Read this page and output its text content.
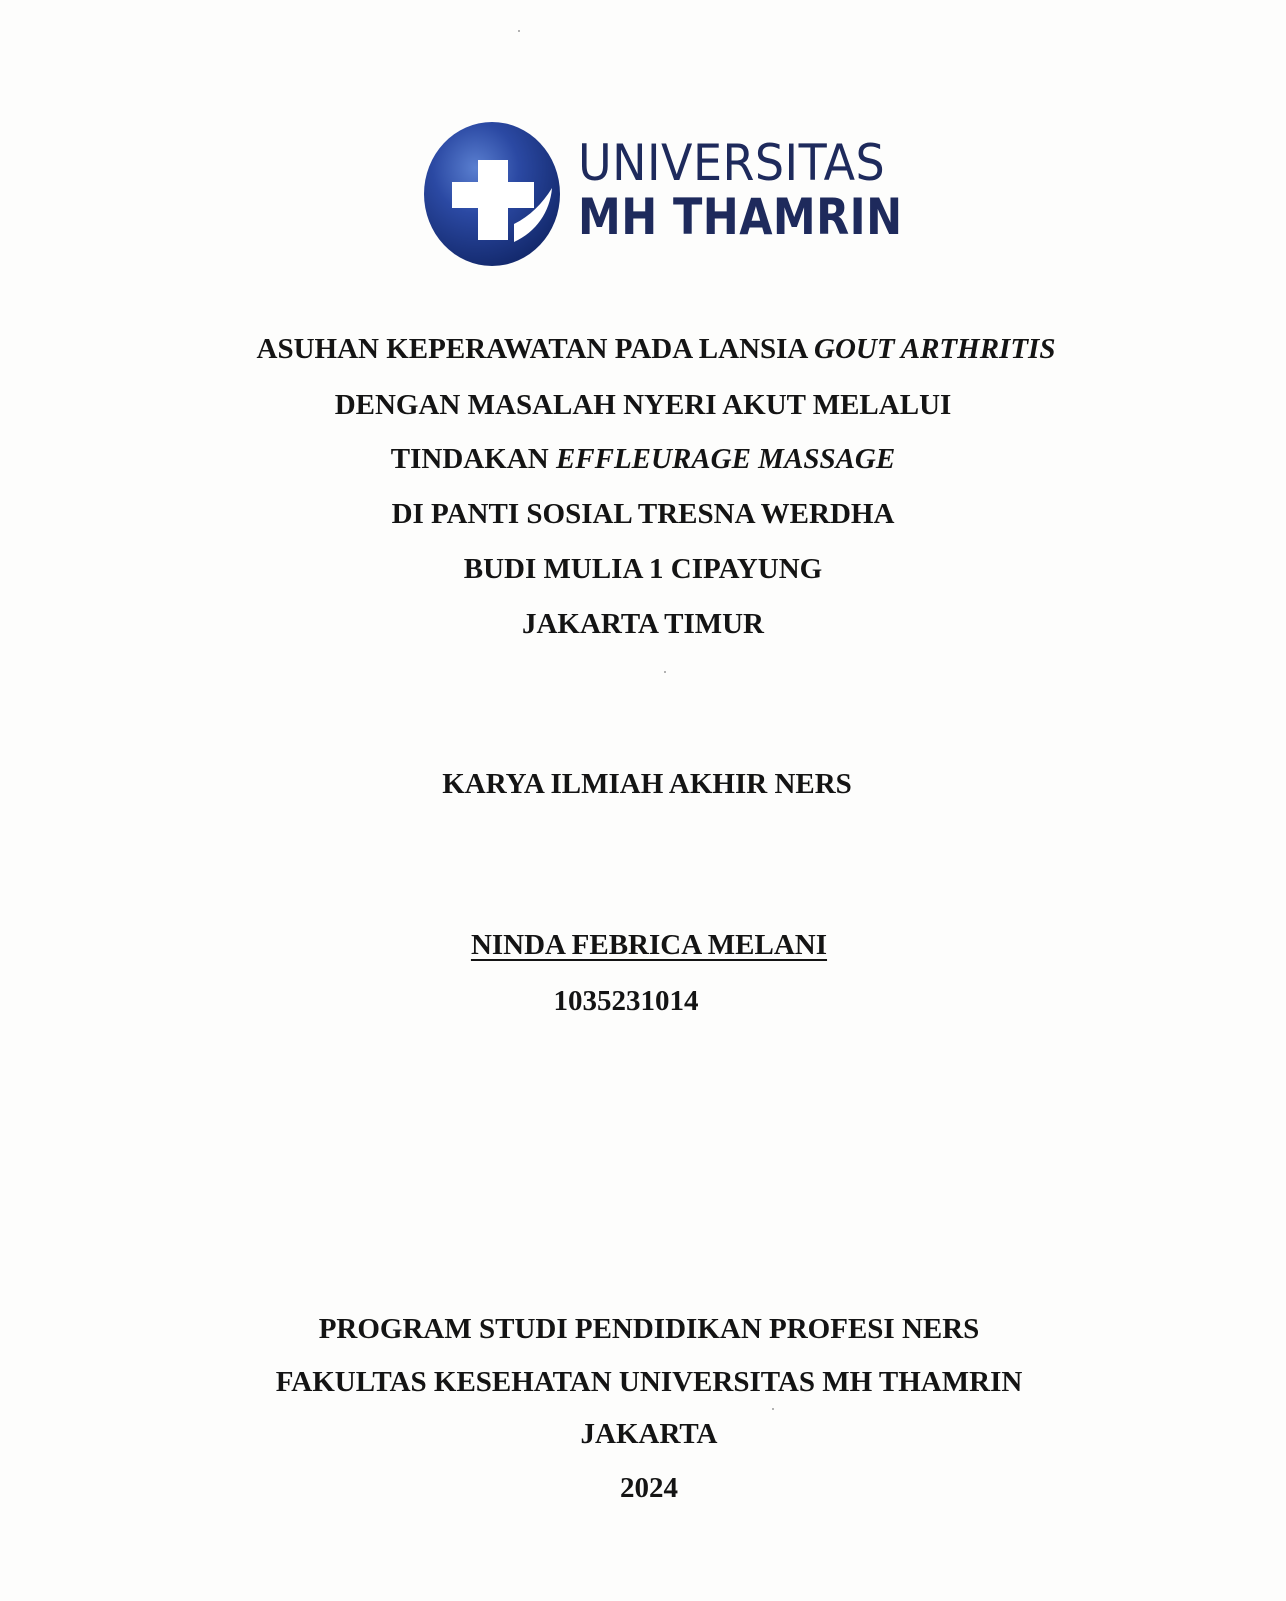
UNIVERSITAS
MH THAMRIN
ASUHAN KEPERAWATAN PADA LANSIA GOUT ARTHRITIS
DENGAN MASALAH NYERI AKUT MELALUI
TINDAKAN EFFLEURAGE MASSAGE
DI PANTI SOSIAL TRESNA WERDHA
BUDI MULIA 1 CIPAYUNG
JAKARTA TIMUR
KARYA ILMIAH AKHIR NERS
NINDA FEBRICA MELANI
1035231014
PROGRAM STUDI PENDIDIKAN PROFESI NERS
FAKULTAS KESEHATAN UNIVERSITAS MH THAMRIN
JAKARTA
2024
